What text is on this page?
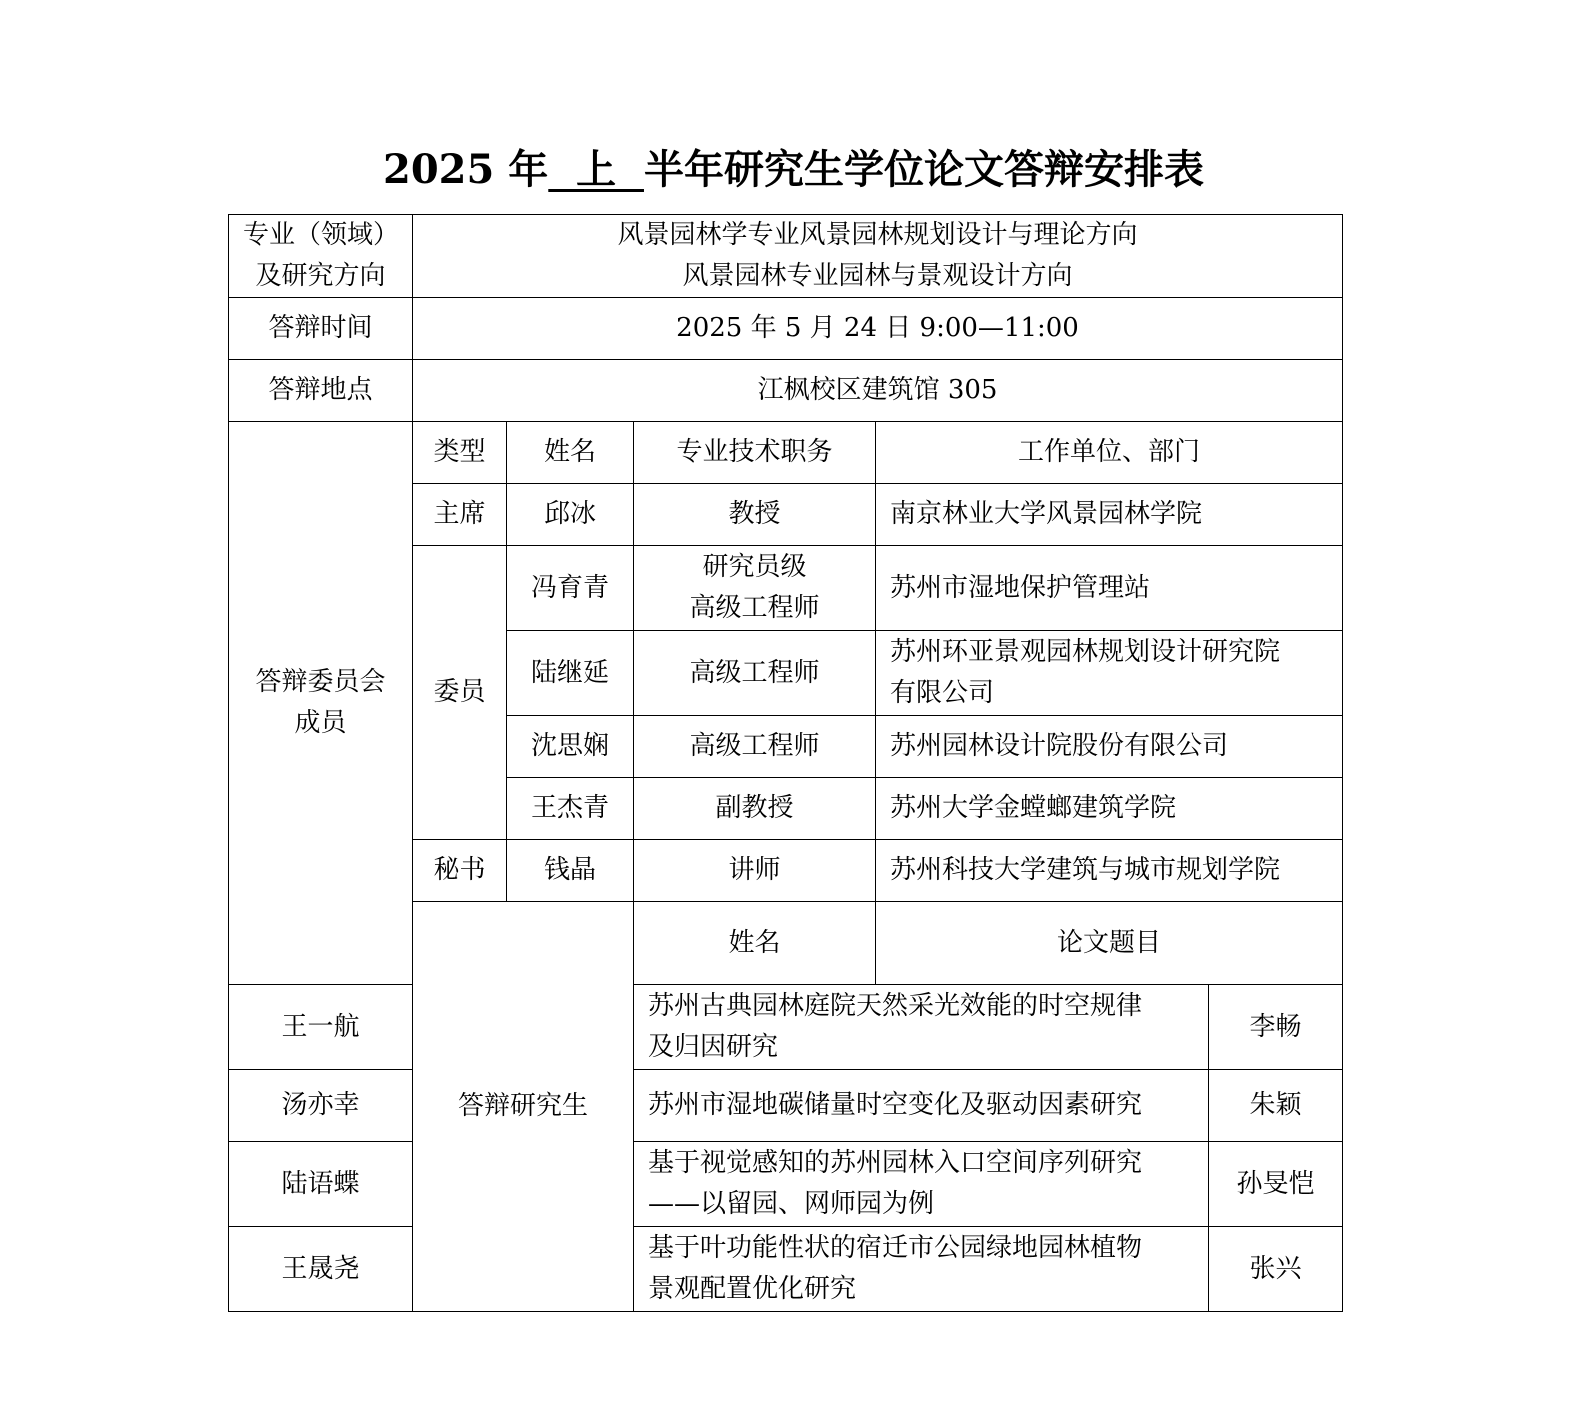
2025 年  上  半年研究生学位论文答辩安排表
专业（领域）
及研究方向	风景园林学专业风景园林规划设计与理论方向
风景园林专业园林与景观设计方向					

答辩时间	2025 年 5 月 24 日 9:00—11:00					
答辩地点	江枫校区建筑馆 305					

答辩委员会
成员	类型	姓名	专业技术职务	工作单位、部门		
	主席	邱冰	教授	南京林业大学风景园林学院		
	委员	冯育青	研究员级
高级工程师	苏州市湿地保护管理站		

		陆继延	高级工程师	苏州环亚景观园林规划设计研究院
有限公司		

		沈思娴	高级工程师	苏州园林设计院股份有限公司		
		王杰青	副教授	苏州大学金螳螂建筑学院		
	秘书	钱晶	讲师	苏州科技大学建筑与城市规划学院		
	答辩研究生		姓名	论文题目	
王一航			苏州古典园林庭院天然采光效能的时空规律
及归因研究		李畅	
汤亦幸			苏州市湿地碳储量时空变化及驱动因素研究		朱颖	
陆语蝶			基于视觉感知的苏州园林入口空间序列研究
——以留园、网师园为例		孙旻恺	
王晟尧			基于叶功能性状的宿迁市公园绿地园林植物
景观配置优化研究		张兴	
